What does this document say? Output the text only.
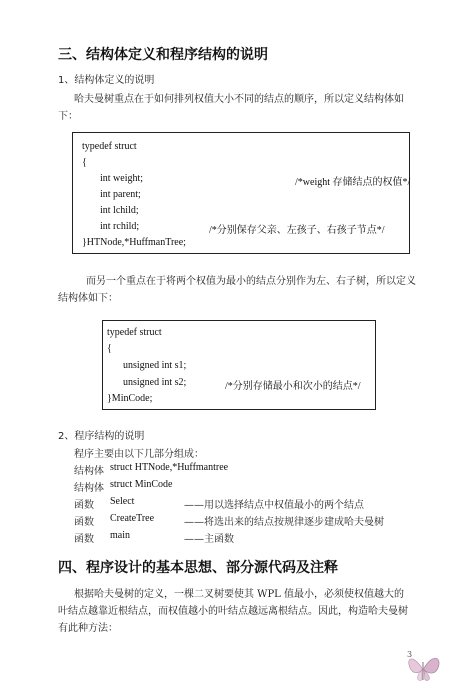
三、结构体定义和程序结构的说明
1、结构体定义的说明
哈夫曼树重点在于如何排列权值大小不同的结点的顺序，所以定义结构体如
下：
typedef struct
{
int weight;	/*weight 存储结点的权值*/
int parent;
int lchild;
int rchild;	/*分别保存父亲、左孩子、右孩子节点*/
}HTNode,*HuffmanTree;
而另一个重点在于将两个权值为最小的结点分别作为左、右子树，所以定义
结构体如下：
typedef struct
{
unsigned int s1;
unsigned int s2;	/*分别存储最小和次小的结点*/
}MinCode;
2、程序结构的说明
程序主要由以下几部分组成：
结构体 struct HTNode,*Huffmantree
结构体 struct MinCode
函数 Select	——用以选择结点中权值最小的两个结点
函数 CreateTree	——将选出来的结点按规律逐步建成哈夫曼树
函数 main	——主函数
四、程序设计的基本思想、部分源代码及注释
根据哈夫曼树的定义，一棵二叉树要使其 WPL 值最小，必须使权值越大的
叶结点越靠近根结点，而权值越小的叶结点越远离根结点。因此，构造哈夫曼树
有此种方法：
3
